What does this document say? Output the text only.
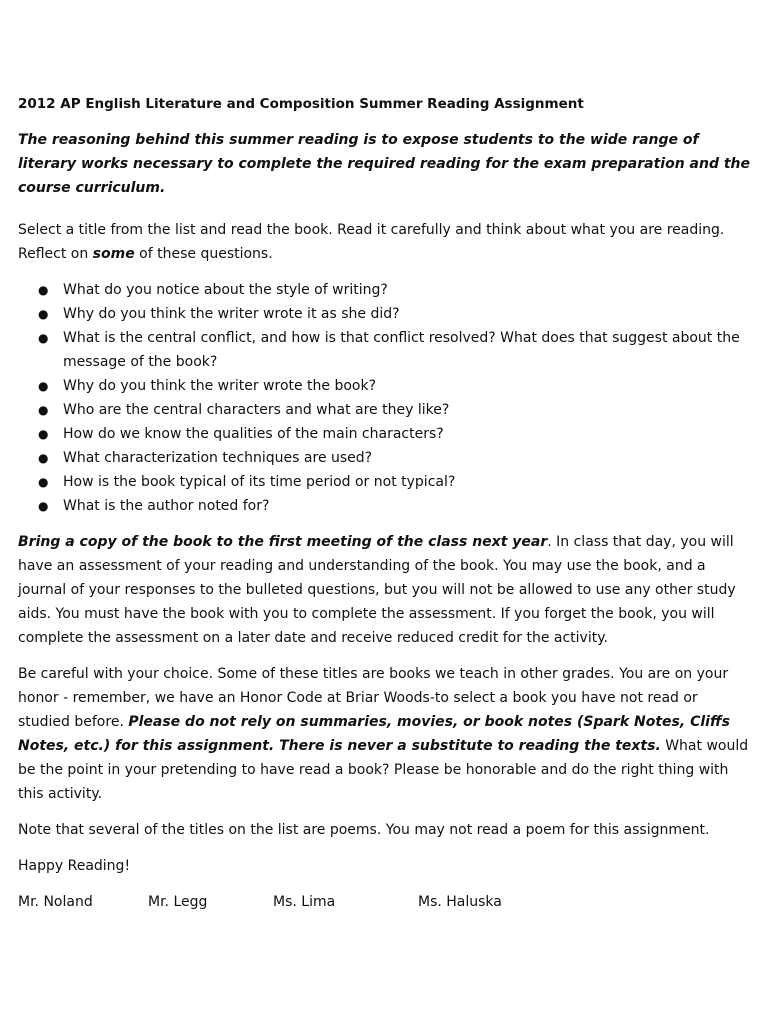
2012 AP English Literature and Composition Summer Reading Assignment
The reasoning behind this summer reading is to expose students to the wide range of literary works necessary to complete the required reading for the exam preparation and the course curriculum.

Select a title from the list and read the book. Read it carefully and think about what you are reading. Reflect on some of these questions.

● What do you notice about the style of writing?
● Why do you think the writer wrote it as she did?
● What is the central conflict, and how is that conflict resolved? What does that suggest about the message of the book?
● Why do you think the writer wrote the book?
● Who are the central characters and what are they like?
● How do we know the qualities of the main characters?
● What characterization techniques are used?
● How is the book typical of its time period or not typical?
● What is the author noted for?

Bring a copy of the book to the first meeting of the class next year. In class that day, you will have an assessment of your reading and understanding of the book. You may use the book, and a journal of your responses to the bulleted questions, but you will not be allowed to use any other study aids. You must have the book with you to complete the assessment. If you forget the book, you will complete the assessment on a later date and receive reduced credit for the activity.

Be careful with your choice. Some of these titles are books we teach in other grades. You are on your honor - remember, we have an Honor Code at Briar Woods-to select a book you have not read or studied before. Please do not rely on summaries, movies, or book notes (Spark Notes, Cliffs Notes, etc.) for this assignment. There is never a substitute to reading the texts. What would be the point in your pretending to have read a book? Please be honorable and do the right thing with this activity.

Note that several of the titles on the list are poems. You may not read a poem for this assignment.

Happy Reading!

Mr. Noland	Mr. Legg	Ms. Lima	Ms. Haluska
